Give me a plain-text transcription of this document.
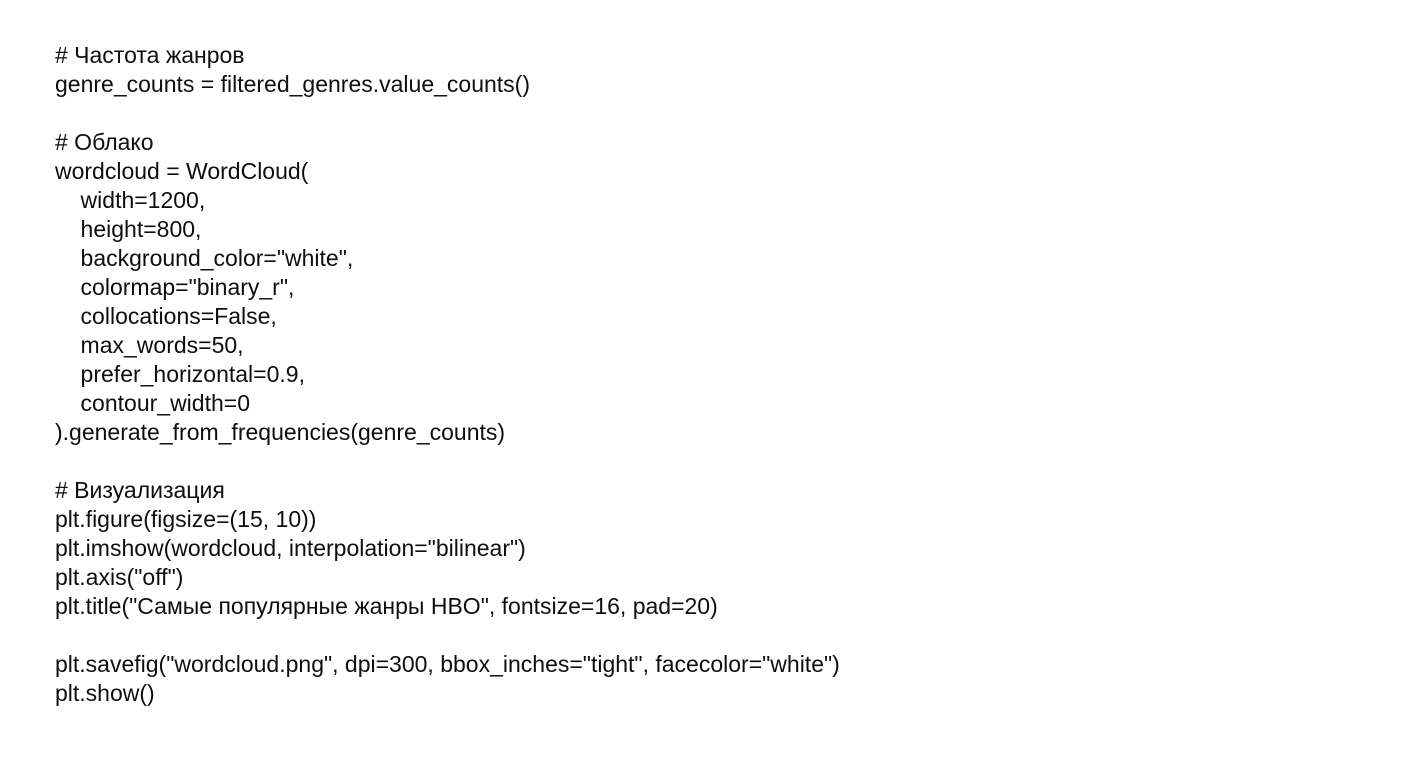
# Частота жанров
genre_counts = filtered_genres.value_counts()
# Облако
wordcloud = WordCloud(
width=1200,
height=800,
background_color="white",
colormap="binary_r",
collocations=False,
max_words=50,
prefer_horizontal=0.9,
contour_width=0
).generate_from_frequencies(genre_counts)
# Визуализация
plt.figure(figsize=(15, 10))
plt.imshow(wordcloud, interpolation="bilinear")
plt.axis("off")
plt.title("Самые популярные жанры HBO", fontsize=16, pad=20)
plt.savefig("wordcloud.png", dpi=300, bbox_inches="tight", facecolor="white")
plt.show()
